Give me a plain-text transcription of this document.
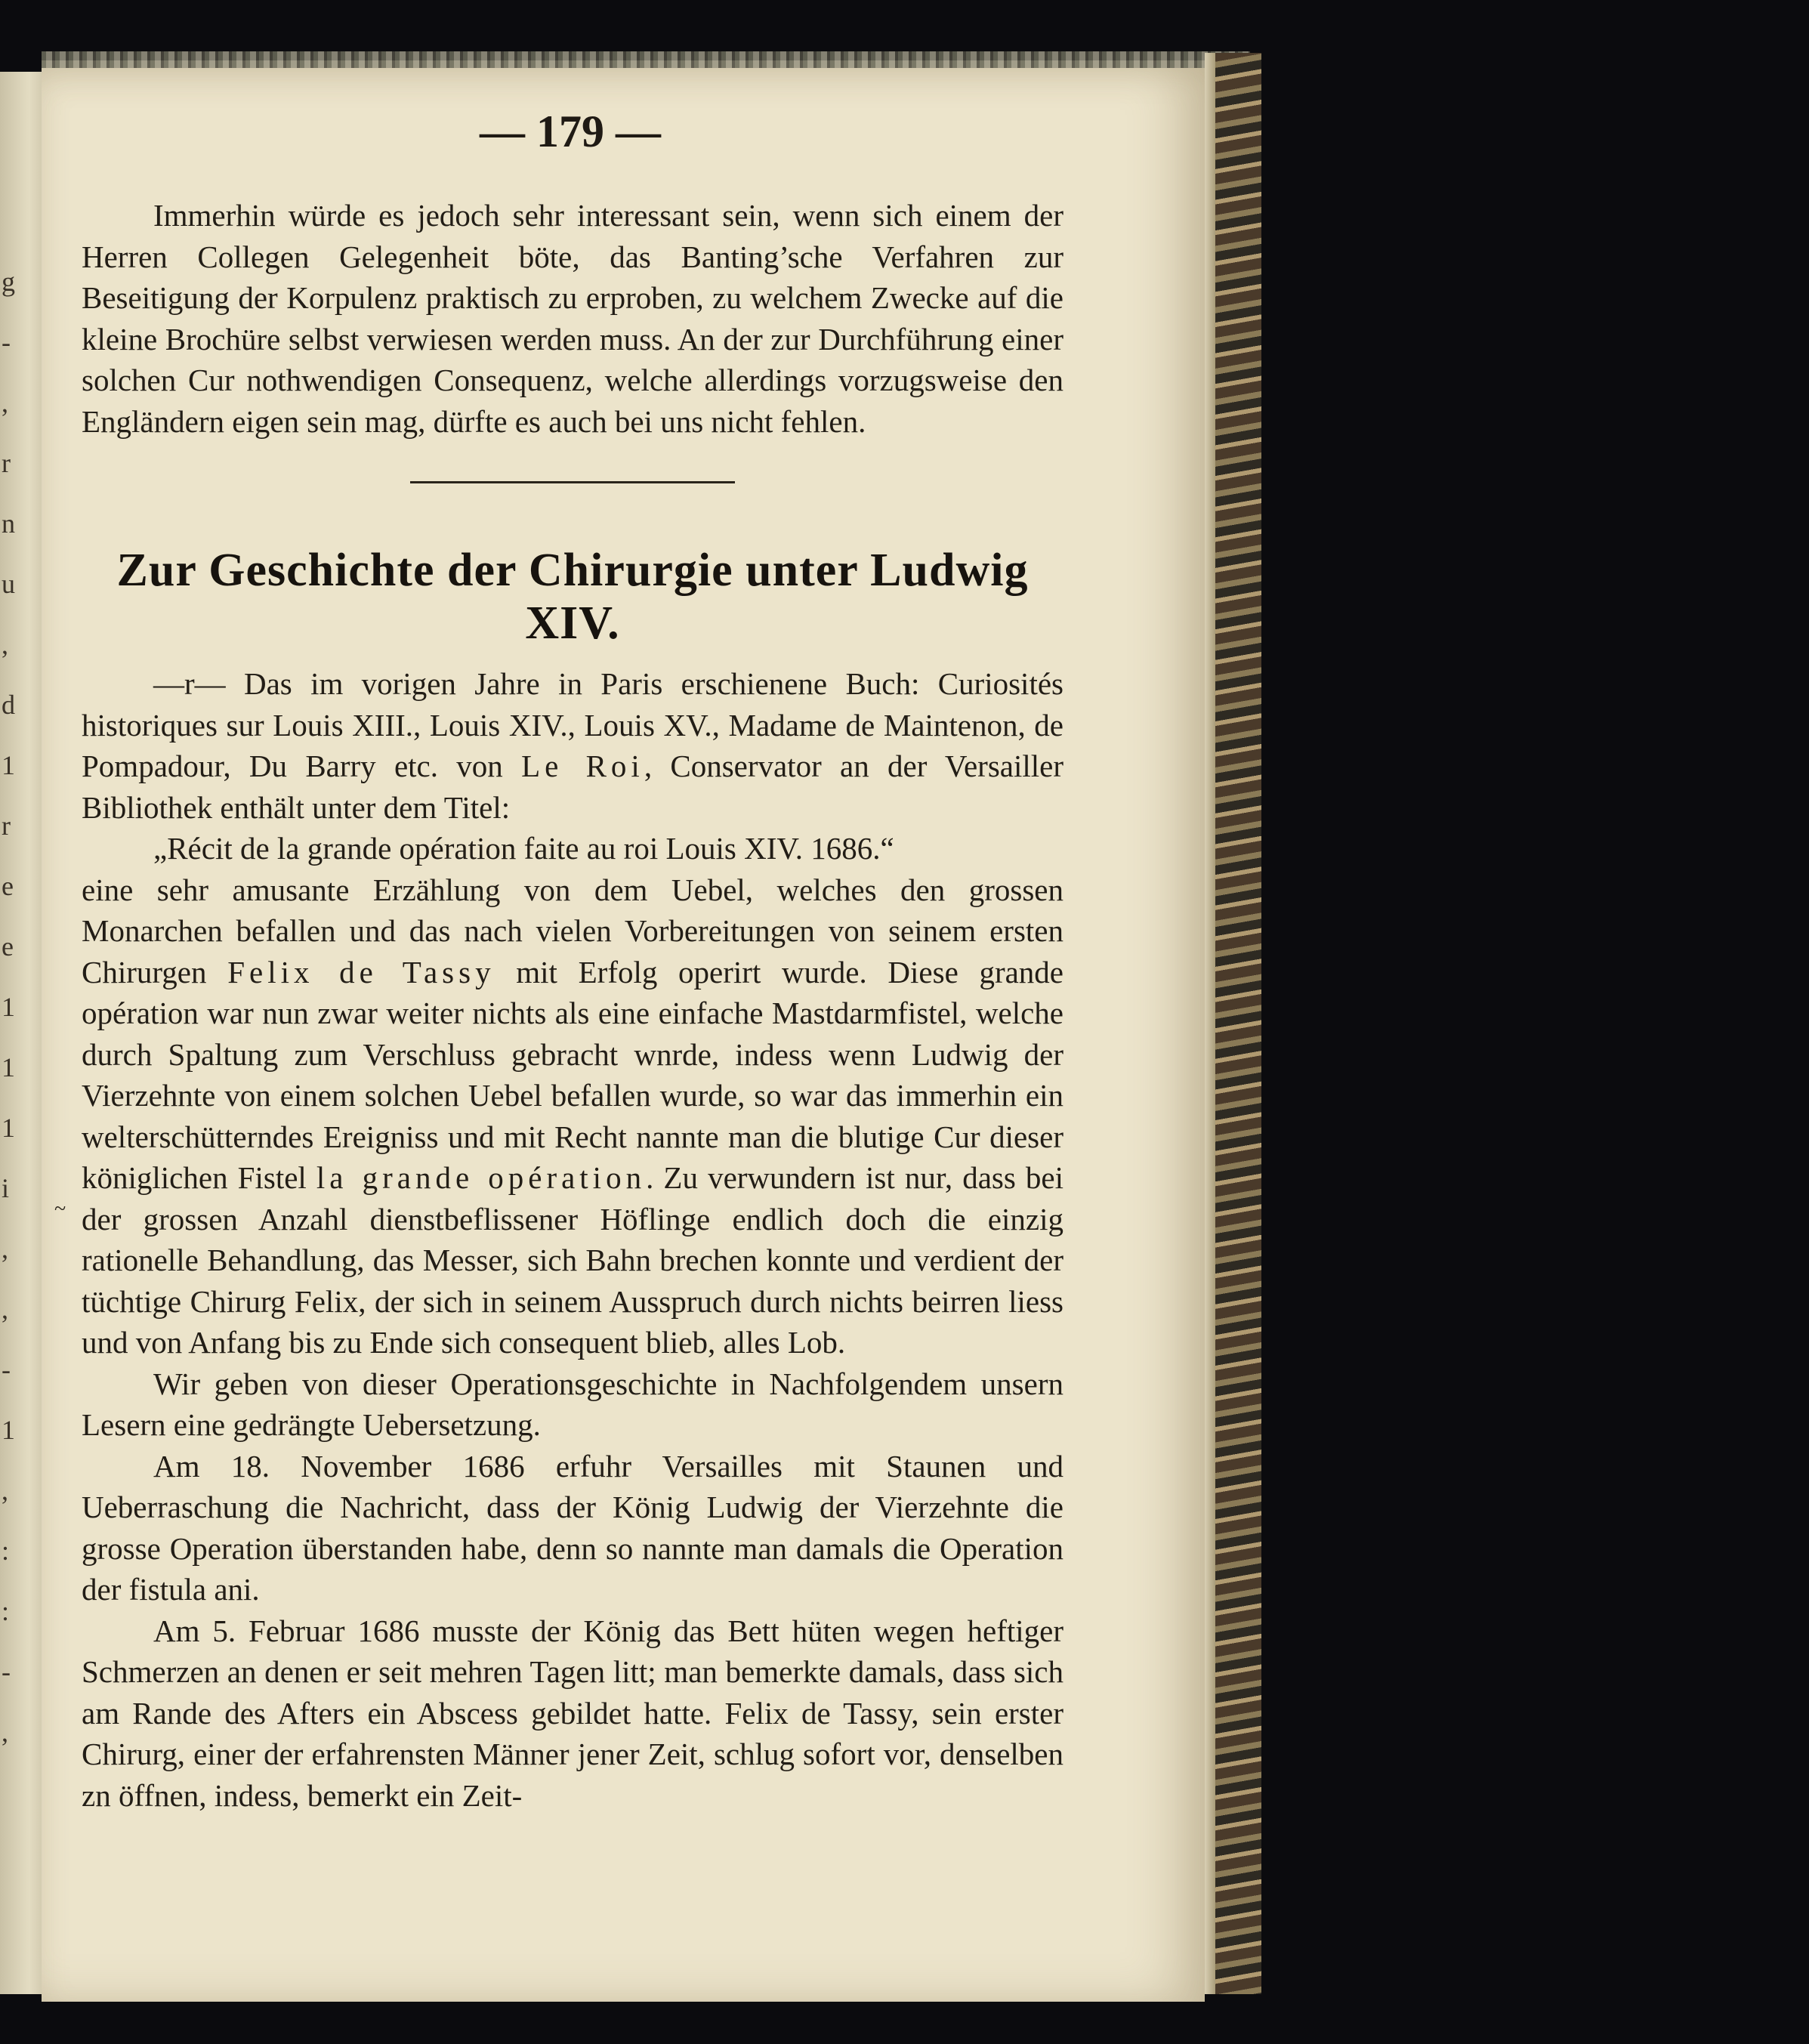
g
-
,
r
n
u
,
d
1
r
e
e
1
1
1
i
,
,
-
1
,
:
:
-
,
— 179 —
~

Immerhin würde es jedoch sehr interessant sein, wenn sich einem der Herren Collegen Gelegenheit böte, das Banting’sche Verfahren zur Beseitigung der Korpulenz praktisch zu erproben, zu welchem Zwecke auf die kleine Brochüre selbst verwiesen werden muss. An der zur Durchführung einer solchen Cur nothwendigen Consequenz, welche allerdings vorzugsweise den Engländern eigen sein mag, dürfte es auch bei uns nicht fehlen.

Zur Geschichte der Chirurgie unter Ludwig XIV.

—r— Das im vorigen Jahre in Paris erschienene Buch: Curiosités historiques sur Louis XIII., Louis XIV., Louis XV., Madame de Maintenon, de Pompadour, Du Barry etc. von Le Roi, Conservator an der Versailler Bibliothek enthält unter dem Titel:

„Récit de la grande opération faite au roi Louis XIV. 1686.“

eine sehr amusante Erzählung von dem Uebel, welches den grossen Monarchen befallen und das nach vielen Vorbereitungen von seinem ersten Chirurgen Felix de Tassy mit Erfolg operirt wurde. Diese grande opération war nun zwar weiter nichts als eine einfache Mastdarmfistel, welche durch Spaltung zum Verschluss gebracht wnrde, indess wenn Ludwig der Vierzehnte von einem solchen Uebel befallen wurde, so war das immerhin ein welterschütterndes Ereigniss und mit Recht nannte man die blutige Cur dieser königlichen Fistel la grande opération. Zu verwundern ist nur, dass bei der grossen Anzahl dienstbeflissener Höflinge endlich doch die einzig rationelle Behandlung, das Messer, sich Bahn brechen konnte und verdient der tüchtige Chirurg Felix, der sich in seinem Ausspruch durch nichts beirren liess und von Anfang bis zu Ende sich consequent blieb, alles Lob.

Wir geben von dieser Operationsgeschichte in Nachfolgendem unsern Lesern eine gedrängte Uebersetzung.

Am 18. November 1686 erfuhr Versailles mit Staunen und Ueberraschung die Nachricht, dass der König Ludwig der Vierzehnte die grosse Operation überstanden habe, denn so nannte man damals die Operation der fistula ani.

Am 5. Februar 1686 musste der König das Bett hüten wegen heftiger Schmerzen an denen er seit mehren Tagen litt; man bemerkte damals, dass sich am Rande des Afters ein Abscess gebildet hatte. Felix de Tassy, sein erster Chirurg, einer der erfahrensten Männer jener Zeit, schlug sofort vor, denselben zn öffnen, indess, bemerkt ein Zeit-
